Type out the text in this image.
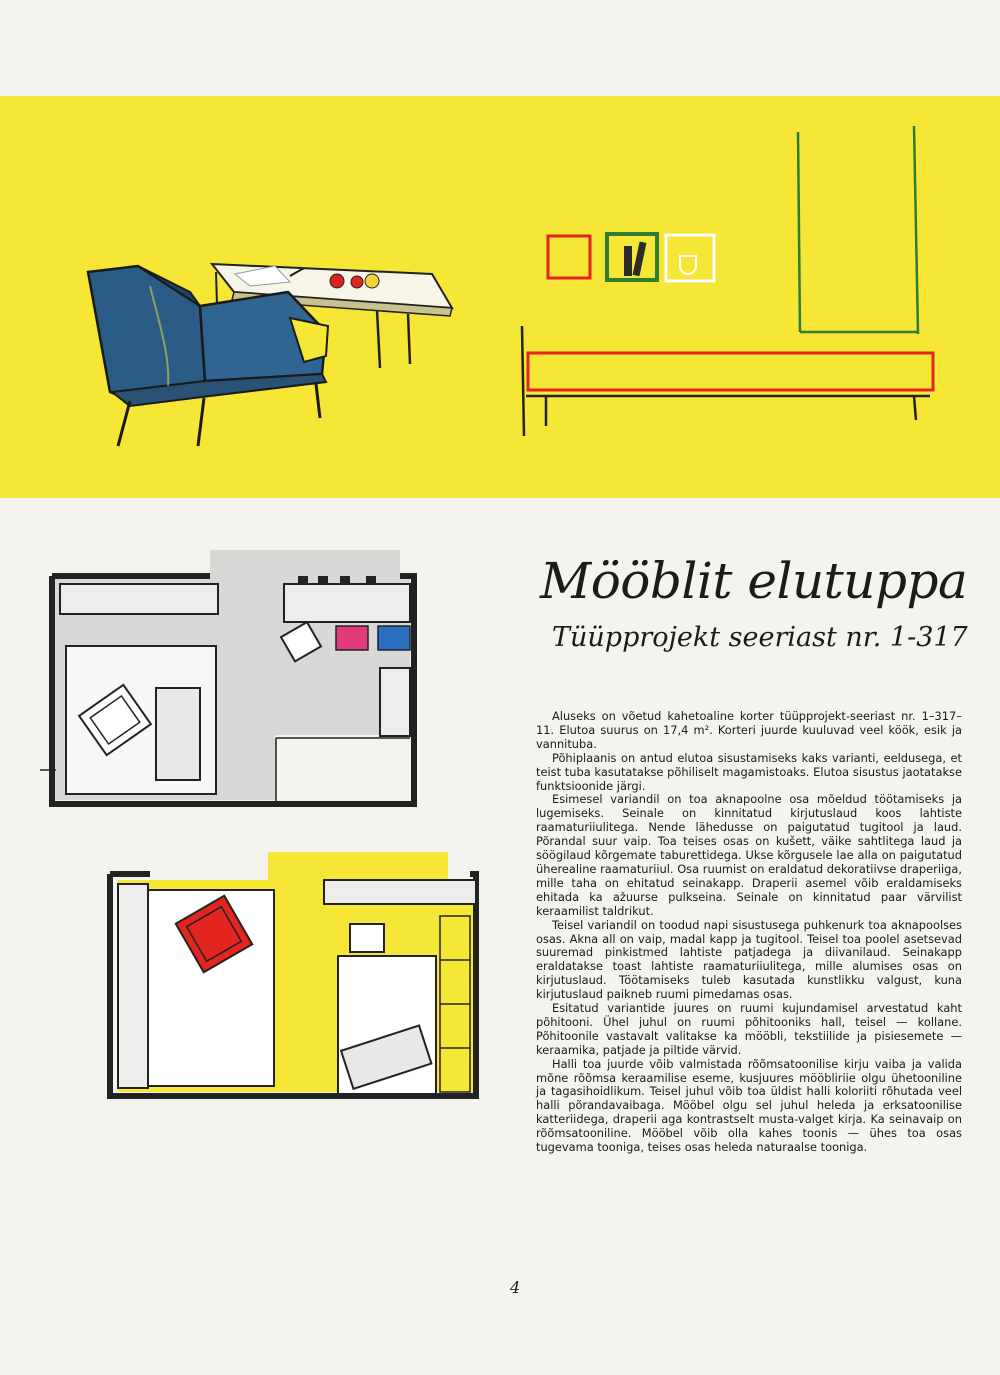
Mööblit elutuppa
Tüüpprojekt seeriast nr. 1-317

Aluseks on võetud kahetoaline korter tüüpprojekt-seeriast nr. 1–317–11. Elutoa suurus on 17,4 m². Korteri juurde kuuluvad veel köök, esik ja vannituba.

Põhiplaanis on antud elutoa sisustamiseks kaks varianti, eeldusega, et teist tuba kasutatakse põhiliselt magamistoaks. Elutoa sisustus jaotatakse funktsioonide järgi.

Esimesel variandil on toa aknapoolne osa mõeldud töötamiseks ja lugemiseks. Seinale on kinnitatud kirjutuslaud koos lahtiste raamaturiiulitega. Nende lähedusse on paigutatud tugitool ja laud. Põrandal suur vaip. Toa teises osas on kušett, väike sahtlitega laud ja söögilaud kõrgemate taburettidega. Ukse kõrgusele lae alla on paigutatud üherealine raamaturiiul. Osa ruumist on eraldatud dekoratiivse draperiiga, mille taha on ehitatud seinakapp. Draperii asemel võib eraldamiseks ehitada ka ažuurse pulkseina. Seinale on kinnitatud paar värvilist keraamilist taldrikut.

Teisel variandil on toodud napi sisustusega puhkenurk toa aknapoolses osas. Akna all on vaip, madal kapp ja tugitool. Teisel toa poolel asetsevad suuremad pinkistmed lahtiste patjadega ja diivanilaud. Seinakapp eraldatakse toast lahtiste raamaturiiulitega, mille alumises osas on kirjutuslaud. Töötamiseks tuleb kasutada kunstlikku valgust, kuna kirjutuslaud paikneb ruumi pimedamas osas.

Esitatud variantide juures on ruumi kujundamisel arvestatud kaht põhitooni. Ühel juhul on ruumi põhitooniks hall, teisel — kollane. Põhitoonile vastavalt valitakse ka mööbli, tekstiilide ja pisiesemete — keraamika, patjade ja piltide värvid.

Halli toa juurde võib valmistada rõõmsatoonilise kirju vaiba ja valida mõne rõõmsa keraamilise eseme, kusjuures mööbliriie olgu ühetooniline ja tagasihoidlikum. Teisel juhul võib toa üldist halli koloriiti rõhutada veel halli põrandavaibaga. Mööbel olgu sel juhul heleda ja erksatoonilise katteriidega, draperii aga kontrastselt musta-valget kirja. Ka seinavaip on rõõmsatooniline. Mööbel võib olla kahes toonis — ühes toa osas tugevama tooniga, teises osas heleda naturaalse tooniga.

4
